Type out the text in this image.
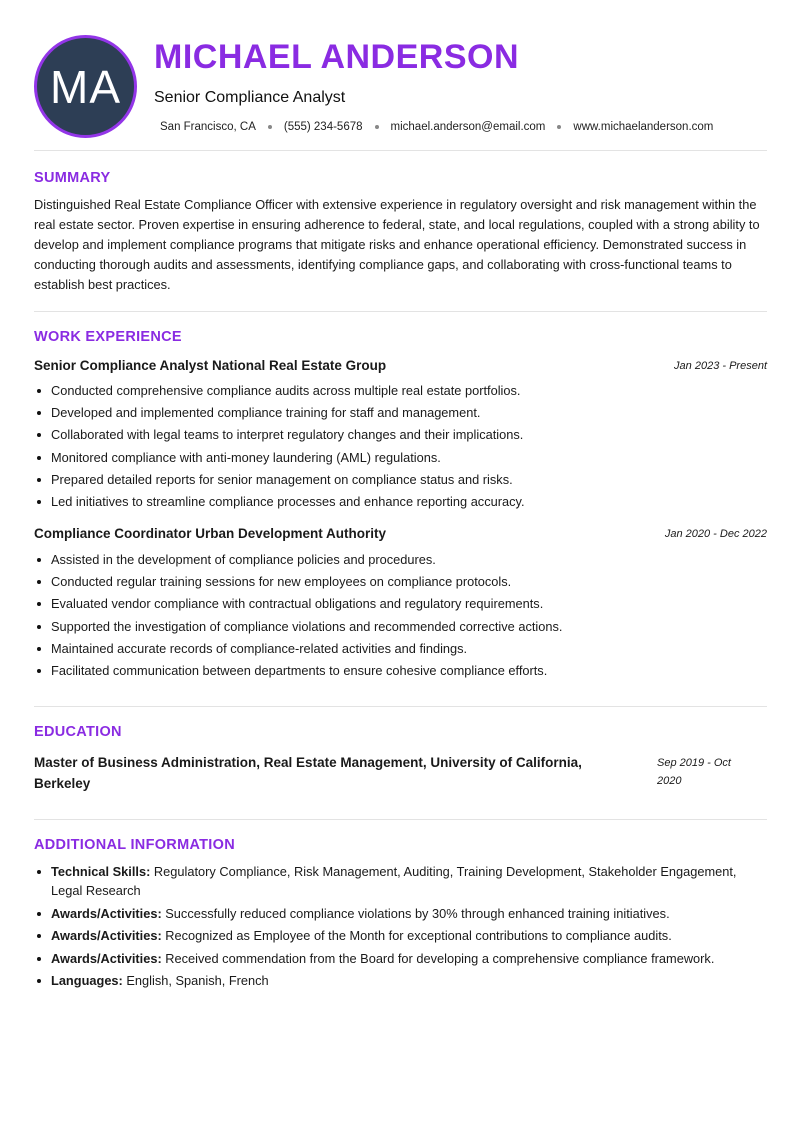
MA
MICHAEL ANDERSON
Senior Compliance Analyst
San Francisco, CA (555) 234-5678 michael.anderson@email.com www.michaelanderson.com
SUMMARY

Distinguished Real Estate Compliance Officer with extensive experience in regulatory oversight and risk management within the real estate sector. Proven expertise in ensuring adherence to federal, state, and local regulations, coupled with a strong ability to develop and implement compliance programs that mitigate risks and enhance operational efficiency. Demonstrated success in conducting thorough audits and assessments, identifying compliance gaps, and collaborating with cross-functional teams to establish best practices.

WORK EXPERIENCE
Senior Compliance Analyst National Real Estate Group	Jan 2023 - Present
Conducted comprehensive compliance audits across multiple real estate portfolios.
Developed and implemented compliance training for staff and management.
Collaborated with legal teams to interpret regulatory changes and their implications.
Monitored compliance with anti-money laundering (AML) regulations.
Prepared detailed reports for senior management on compliance status and risks.
Led initiatives to streamline compliance processes and enhance reporting accuracy.
Compliance Coordinator Urban Development Authority	Jan 2020 - Dec 2022
Assisted in the development of compliance policies and procedures.
Conducted regular training sessions for new employees on compliance protocols.
Evaluated vendor compliance with contractual obligations and regulatory requirements.
Supported the investigation of compliance violations and recommended corrective actions.
Maintained accurate records of compliance-related activities and findings.
Facilitated communication between departments to ensure cohesive compliance efforts.
EDUCATION
Master of Business Administration, Real Estate Management, University of California, Berkeley
Sep 2019 - Oct 2020
ADDITIONAL INFORMATION
Technical Skills: Regulatory Compliance, Risk Management, Auditing, Training Development, Stakeholder Engagement, Legal Research
Awards/Activities: Successfully reduced compliance violations by 30% through enhanced training initiatives.
Awards/Activities: Recognized as Employee of the Month for exceptional contributions to compliance audits.
Awards/Activities: Received commendation from the Board for developing a comprehensive compliance framework.
Languages: English, Spanish, French
